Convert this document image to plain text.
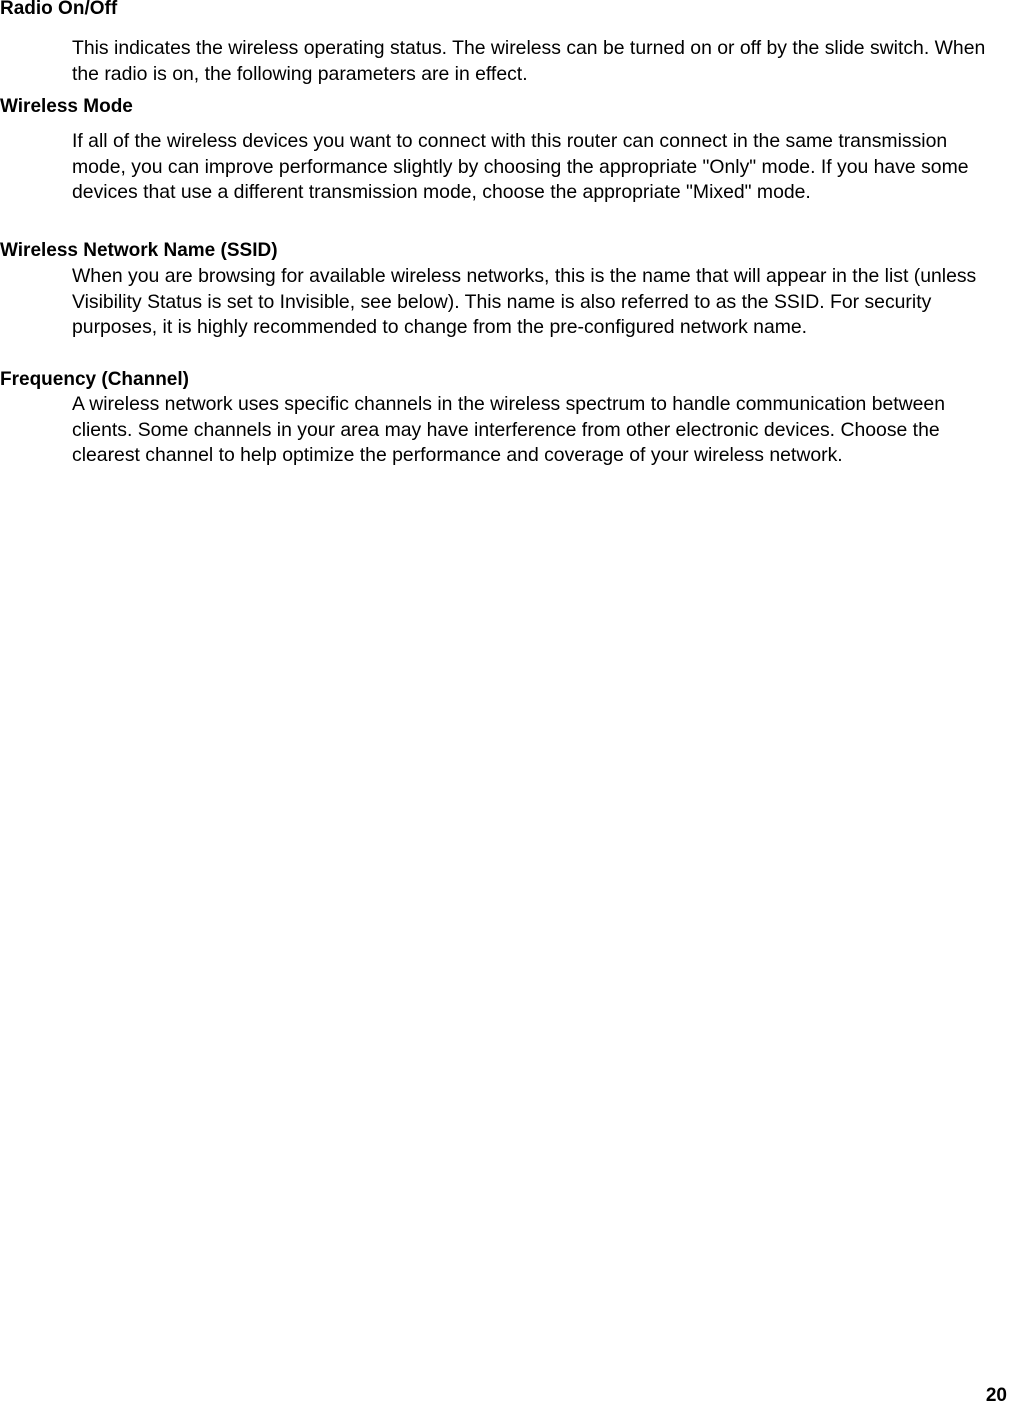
Radio On/Off

This indicates the wireless operating status. The wireless can be turned on or off by the slide switch. When the radio is on, the following parameters are in effect.

Wireless Mode

If all of the wireless devices you want to connect with this router can connect in the same transmission mode, you can improve performance slightly by choosing the appropriate "Only" mode. If you have some devices that use a different transmission mode, choose the appropriate "Mixed" mode.

Wireless Network Name (SSID)

When you are browsing for available wireless networks, this is the name that will appear in the list (unless Visibility Status is set to Invisible, see below). This name is also referred to as the SSID. For security purposes, it is highly recommended to change from the pre-configured network name.

Frequency (Channel)

A wireless network uses specific channels in the wireless spectrum to handle communication between clients. Some channels in your area may have interference from other electronic devices. Choose the clearest channel to help optimize the performance and coverage of your wireless network.

20
